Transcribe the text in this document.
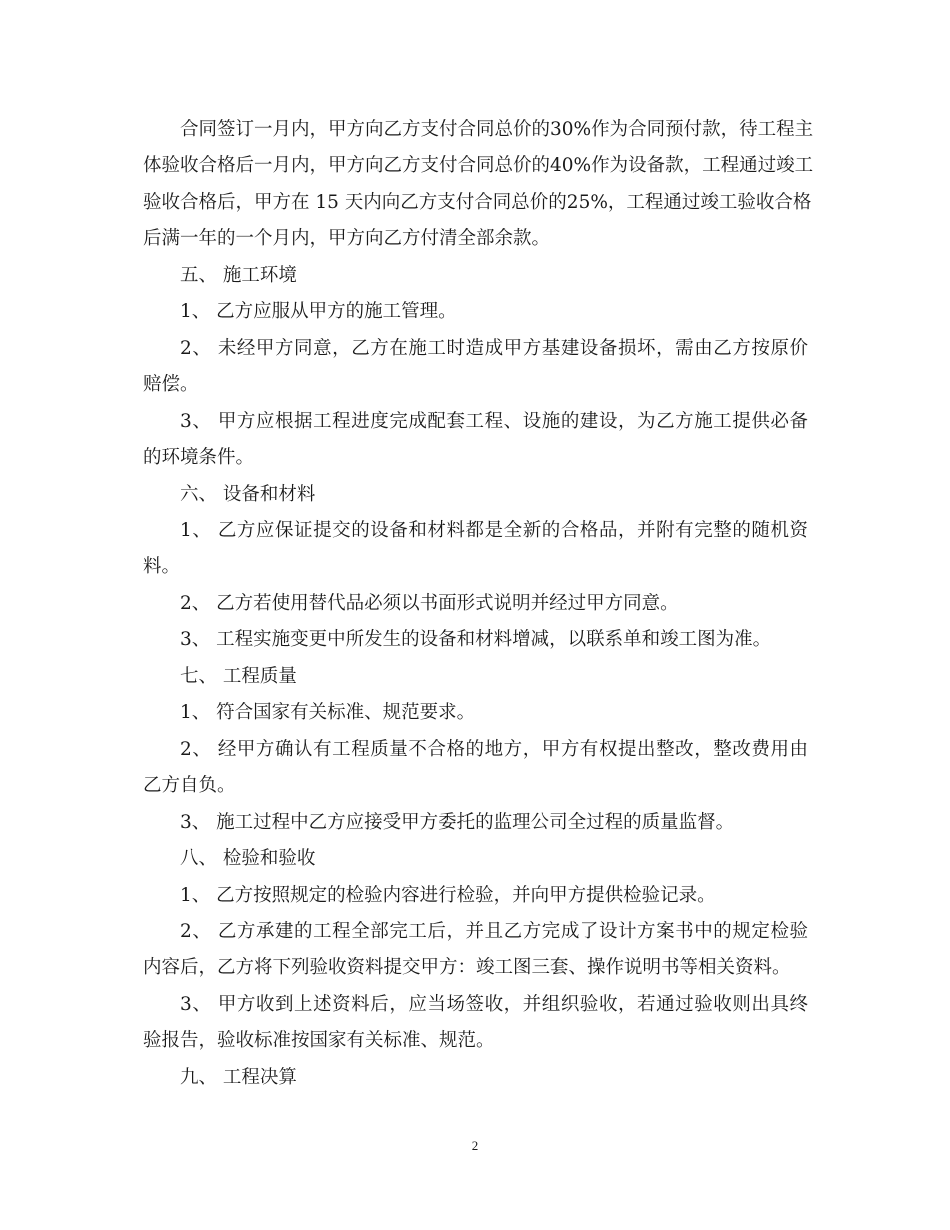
合同签订一月内，甲方向乙方支付合同总价的30%作为合同预付款，待工程主
体验收合格后一月内，甲方向乙方支付合同总价的40%作为设备款，工程通过竣工
验收合格后，甲方在 15 天内向乙方支付合同总价的25%，工程通过竣工验收合格
后满一年的一个月内，甲方向乙方付清全部余款。
五、 施工环境
1、 乙方应服从甲方的施工管理。
2、 未经甲方同意，乙方在施工时造成甲方基建设备损坏，需由乙方按原价
赔偿。
3、 甲方应根据工程进度完成配套工程、设施的建设，为乙方施工提供必备
的环境条件。
六、 设备和材料
1、 乙方应保证提交的设备和材料都是全新的合格品，并附有完整的随机资
料。
2、 乙方若使用替代品必须以书面形式说明并经过甲方同意。
3、 工程实施变更中所发生的设备和材料增减，以联系单和竣工图为准。
七、 工程质量
1、 符合国家有关标准、规范要求。
2、 经甲方确认有工程质量不合格的地方，甲方有权提出整改，整改费用由
乙方自负。
3、 施工过程中乙方应接受甲方委托的监理公司全过程的质量监督。
八、 检验和验收
1、 乙方按照规定的检验内容进行检验，并向甲方提供检验记录。
2、 乙方承建的工程全部完工后，并且乙方完成了设计方案书中的规定检验
内容后，乙方将下列验收资料提交甲方：竣工图三套、操作说明书等相关资料。
3、 甲方收到上述资料后，应当场签收，并组织验收，若通过验收则出具终
验报告，验收标准按国家有关标准、规范。
九、 工程决算
2
